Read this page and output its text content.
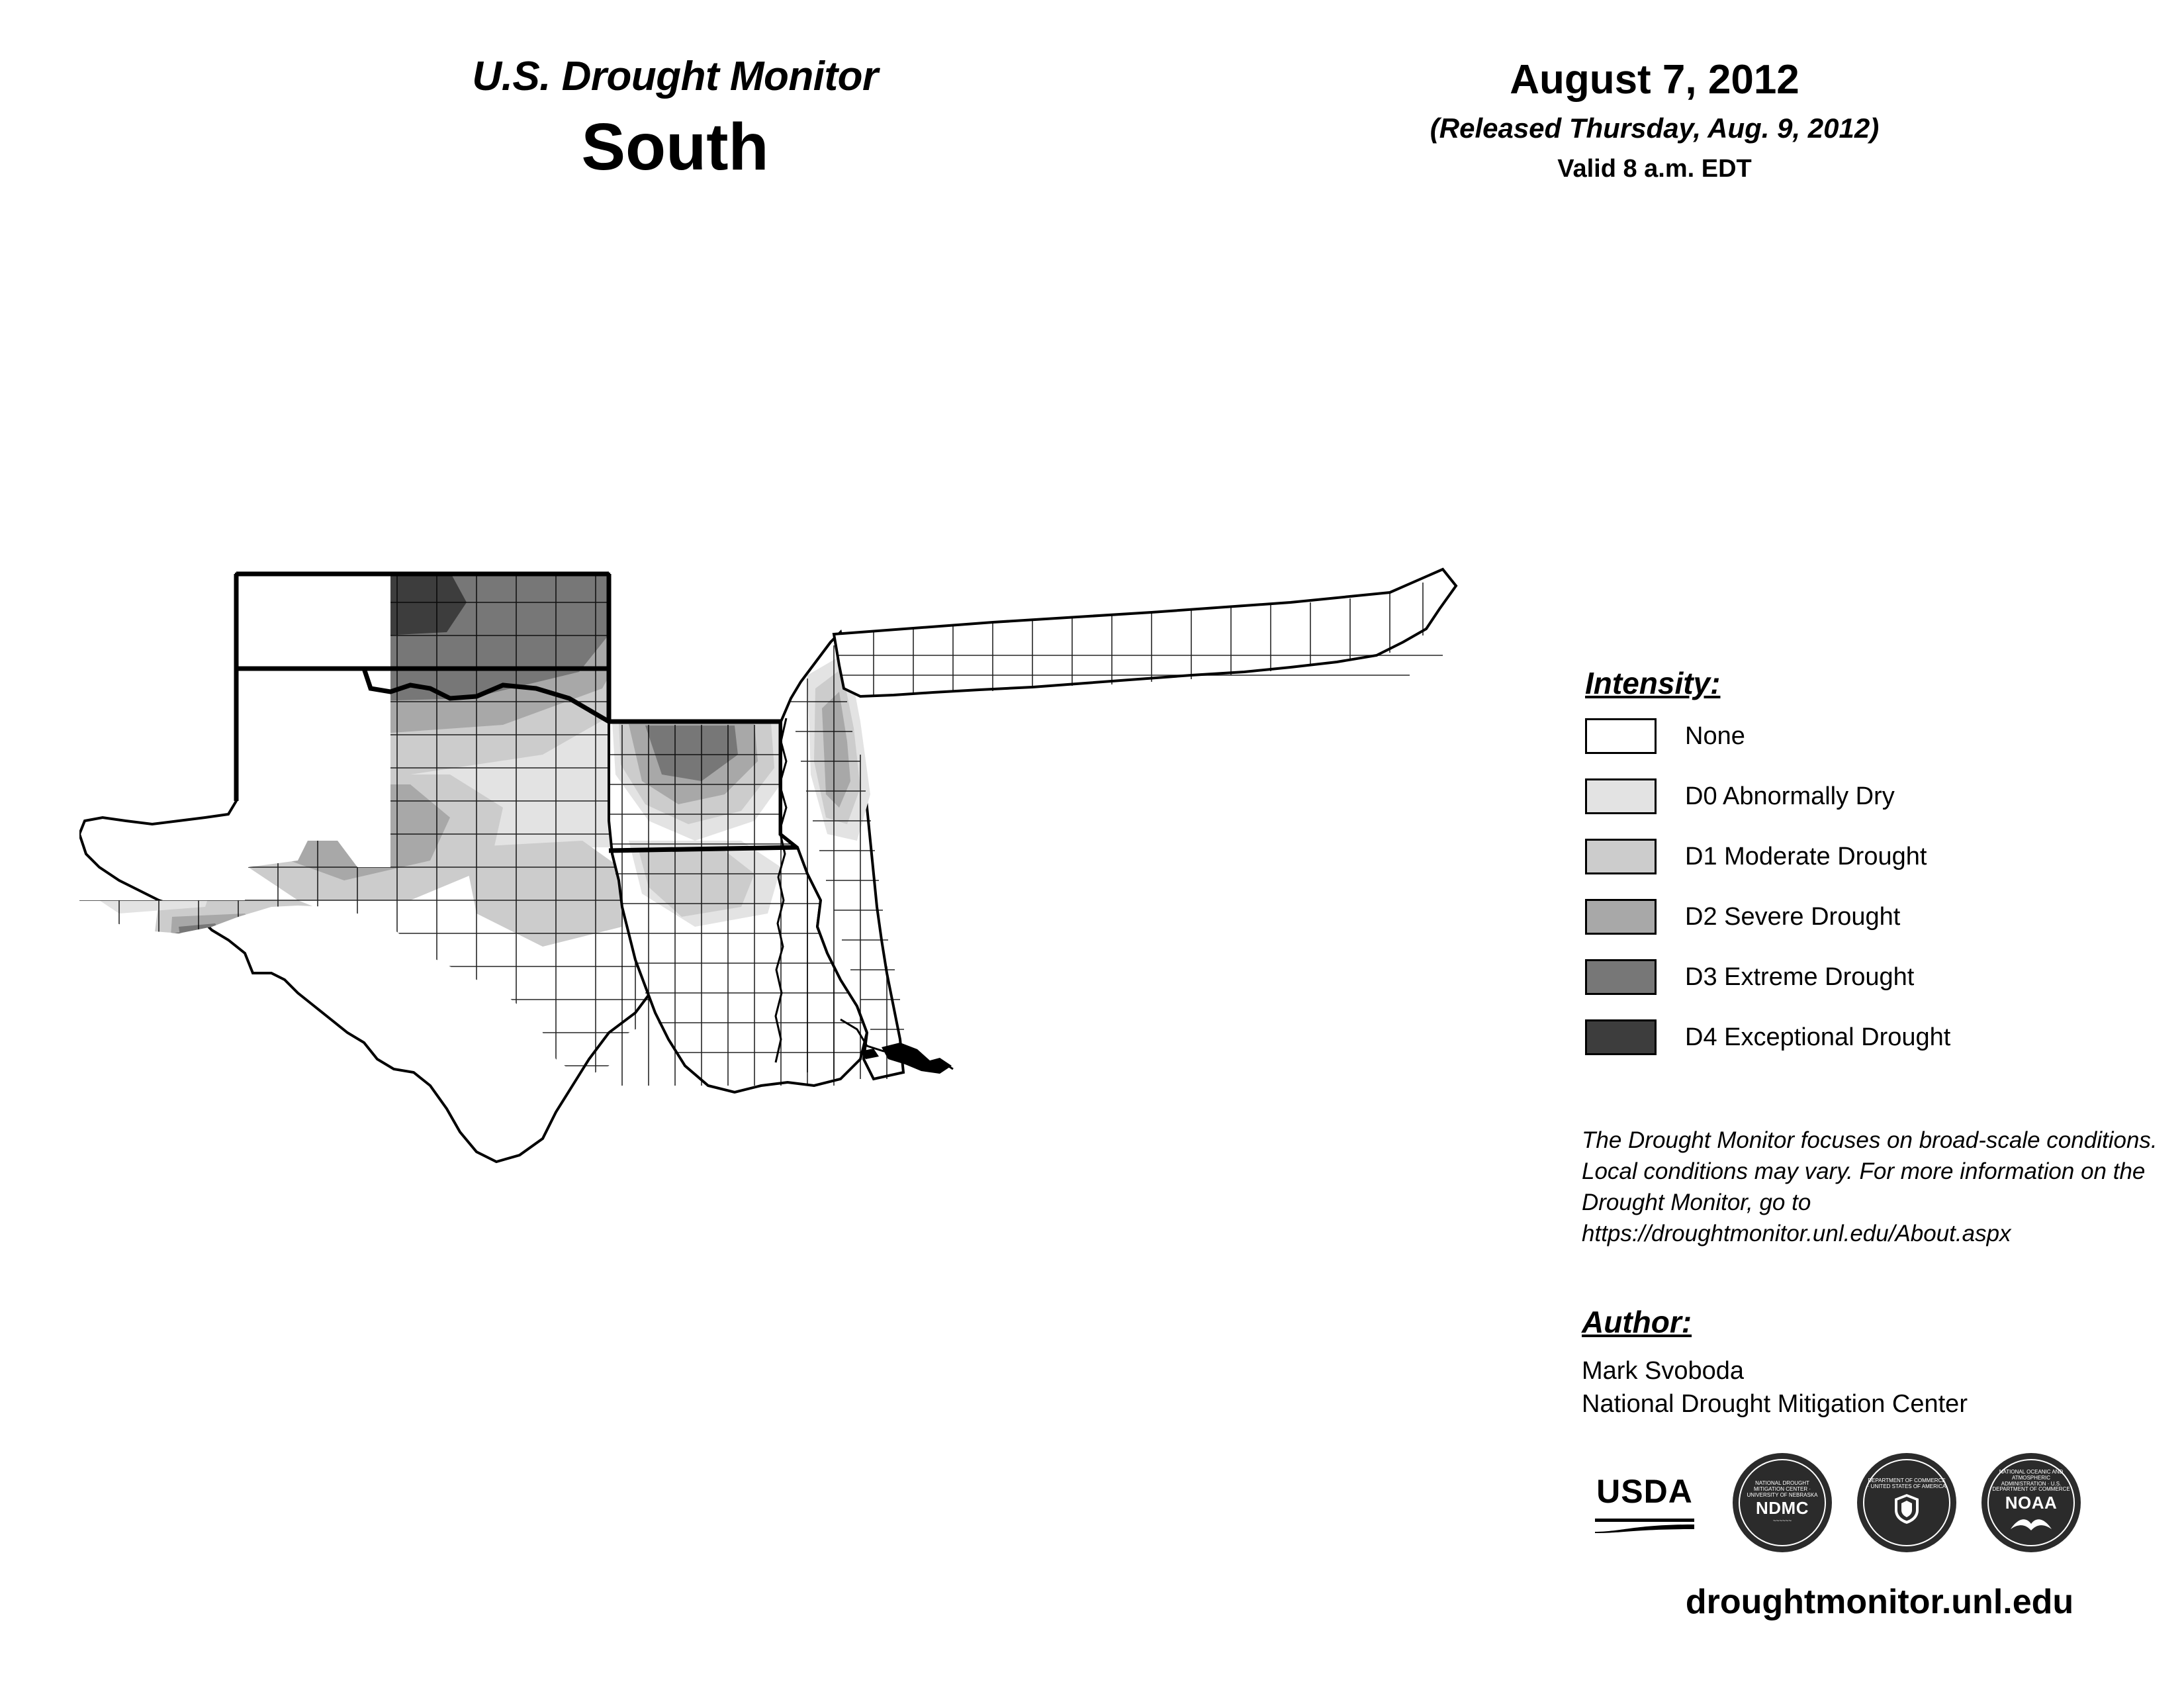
U.S. Drought Monitor
South
August 7, 2012
(Released Thursday, Aug. 9, 2012)
Valid 8 a.m. EDT
Intensity:
None
D0 Abnormally Dry
D1 Moderate Drought
D2 Severe Drought
D3 Extreme Drought
D4 Exceptional Drought
The Drought Monitor focuses on broad-scale conditions. Local conditions may vary. For more information on the Drought Monitor, go to https://droughtmonitor.unl.edu/About.aspx
Author:
Mark Svoboda
National Drought Mitigation Center
USDA	NATIONAL DROUGHT MITIGATION CENTER · UNIVERSITY OF NEBRASKA
NDMC
~~~~~~
DEPARTMENT OF COMMERCE · UNITED STATES OF AMERICA
NATIONAL OCEANIC AND ATMOSPHERIC ADMINISTRATION · U.S. DEPARTMENT OF COMMERCE
NOAA
droughtmonitor.unl.edu
